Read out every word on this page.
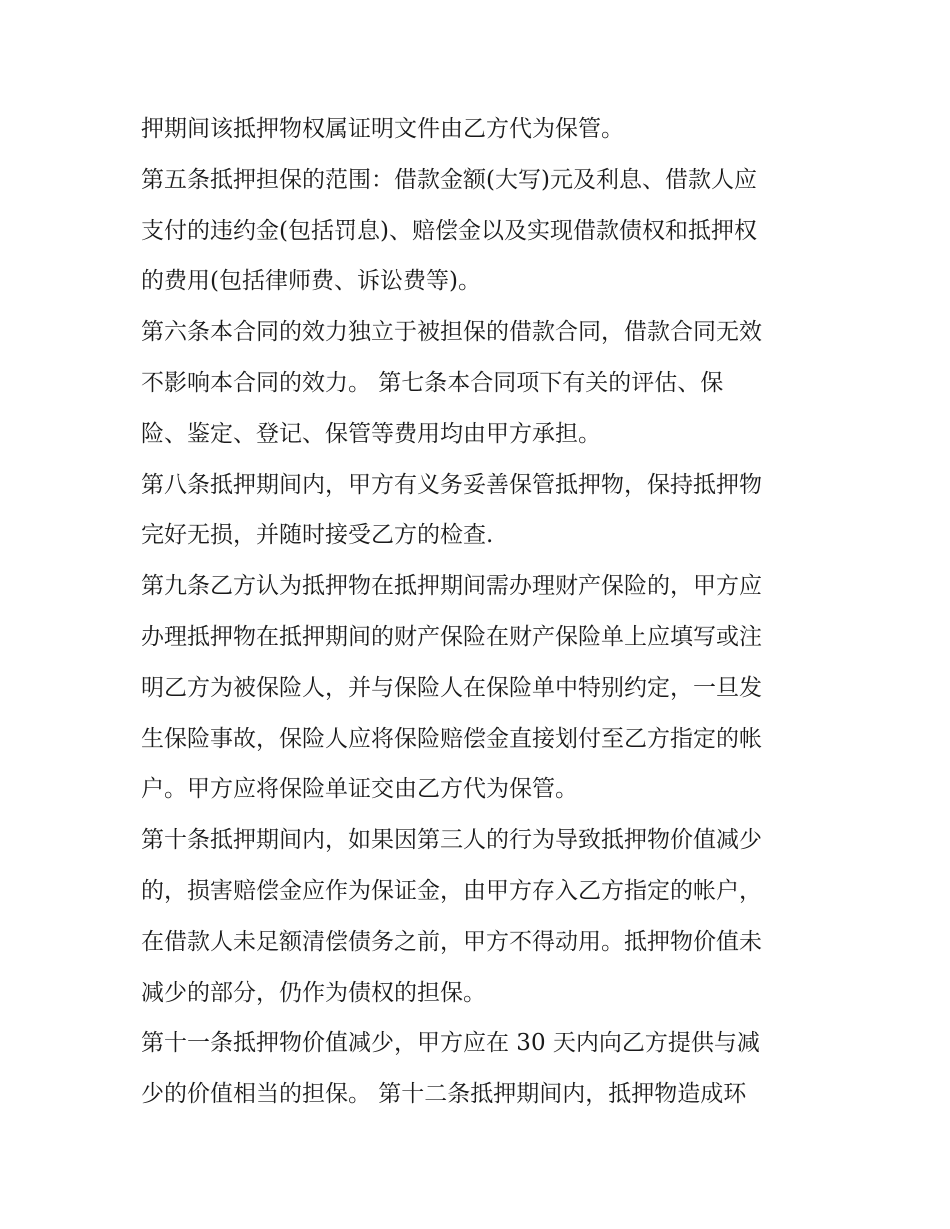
押期间该抵押物权属证明文件由乙方代为保管。
第五条抵押担保的范围：借款金额(大写)元及利息、借款人应
支付的违约金(包括罚息)、赔偿金以及实现借款债权和抵押权
的费用(包括律师费、诉讼费等)。
第六条本合同的效力独立于被担保的借款合同，借款合同无效
不影响本合同的效力。 第七条本合同项下有关的评估、保
险、鉴定、登记、保管等费用均由甲方承担。
第八条抵押期间内，甲方有义务妥善保管抵押物，保持抵押物
完好无损，并随时接受乙方的检查.
第九条乙方认为抵押物在抵押期间需办理财产保险的，甲方应
办理抵押物在抵押期间的财产保险在财产保险单上应填写或注
明乙方为被保险人，并与保险人在保险单中特别约定，一旦发
生保险事故，保险人应将保险赔偿金直接划付至乙方指定的帐
户。甲方应将保险单证交由乙方代为保管。
第十条抵押期间内，如果因第三人的行为导致抵押物价值减少
的，损害赔偿金应作为保证金，由甲方存入乙方指定的帐户，
在借款人未足额清偿债务之前，甲方不得动用。抵押物价值未
减少的部分，仍作为债权的担保。
第十一条抵押物价值减少，甲方应在 30 天内向乙方提供与减
少的价值相当的担保。 第十二条抵押期间内，抵押物造成环
